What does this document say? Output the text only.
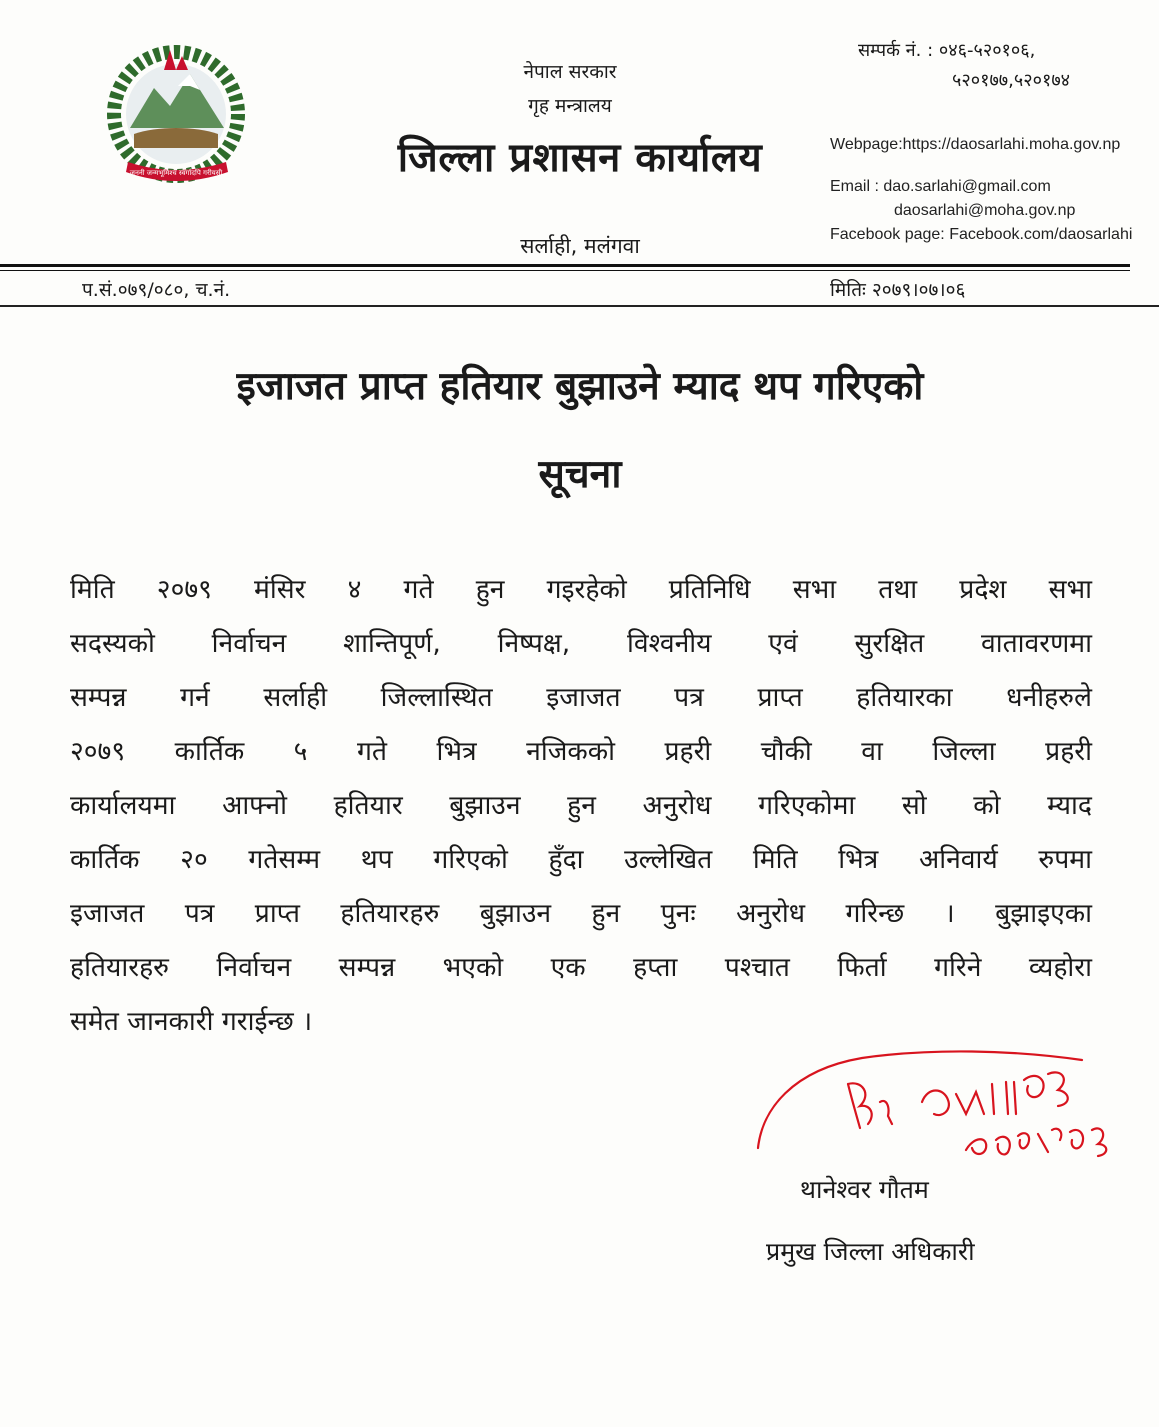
जननी जन्मभूमिश्च स्वर्गादपि गरीयसी
नेपाल सरकार
गृह मन्त्रालय
जिल्ला प्रशासन कार्यालय
सर्लाही, मलंगवा
सम्पर्क नं. : ०४६-५२०१०६,
५२०१७७,५२०१७४
Webpage:https://daosarlahi.moha.gov.np
Email : dao.sarlahi@gmail.com
daosarlahi@moha.gov.np
Facebook page: Facebook.com/daosarlahi
प.सं.०७९/०८०, च.नं.	मितिः २०७९।०७।०६
इजाजत प्राप्त हतियार बुझाउने म्याद थप गरिएको
सूचना
मिति २०७९ मंसिर ४ गते हुन गइरहेको प्रतिनिधि सभा तथा प्रदेश सभा
सदस्यको निर्वाचन शान्तिपूर्ण, निष्पक्ष, विश्वनीय एवं सुरक्षित वातावरणमा
सम्पन्न गर्न सर्लाही जिल्लास्थित इजाजत पत्र प्राप्त हतियारका धनीहरुले
२०७९ कार्तिक ५ गते भित्र नजिकको प्रहरी चौकी वा जिल्ला प्रहरी
कार्यालयमा आफ्नो हतियार बुझाउन हुन अनुरोध गरिएकोमा सो को म्याद
कार्तिक २० गतेसम्म थप गरिएको हुँदा उल्लेखित मिति भित्र अनिवार्य रुपमा
इजाजत पत्र प्राप्त हतियारहरु बुझाउन हुन पुनः अनुरोध गरिन्छ । बुझाइएका
हतियारहरु निर्वाचन सम्पन्न भएको एक हप्ता पश्चात फिर्ता गरिने व्यहोरा
समेत जानकारी गराईन्छ ।
थानेश्वर गौतम
प्रमुख जिल्ला अधिकारी
